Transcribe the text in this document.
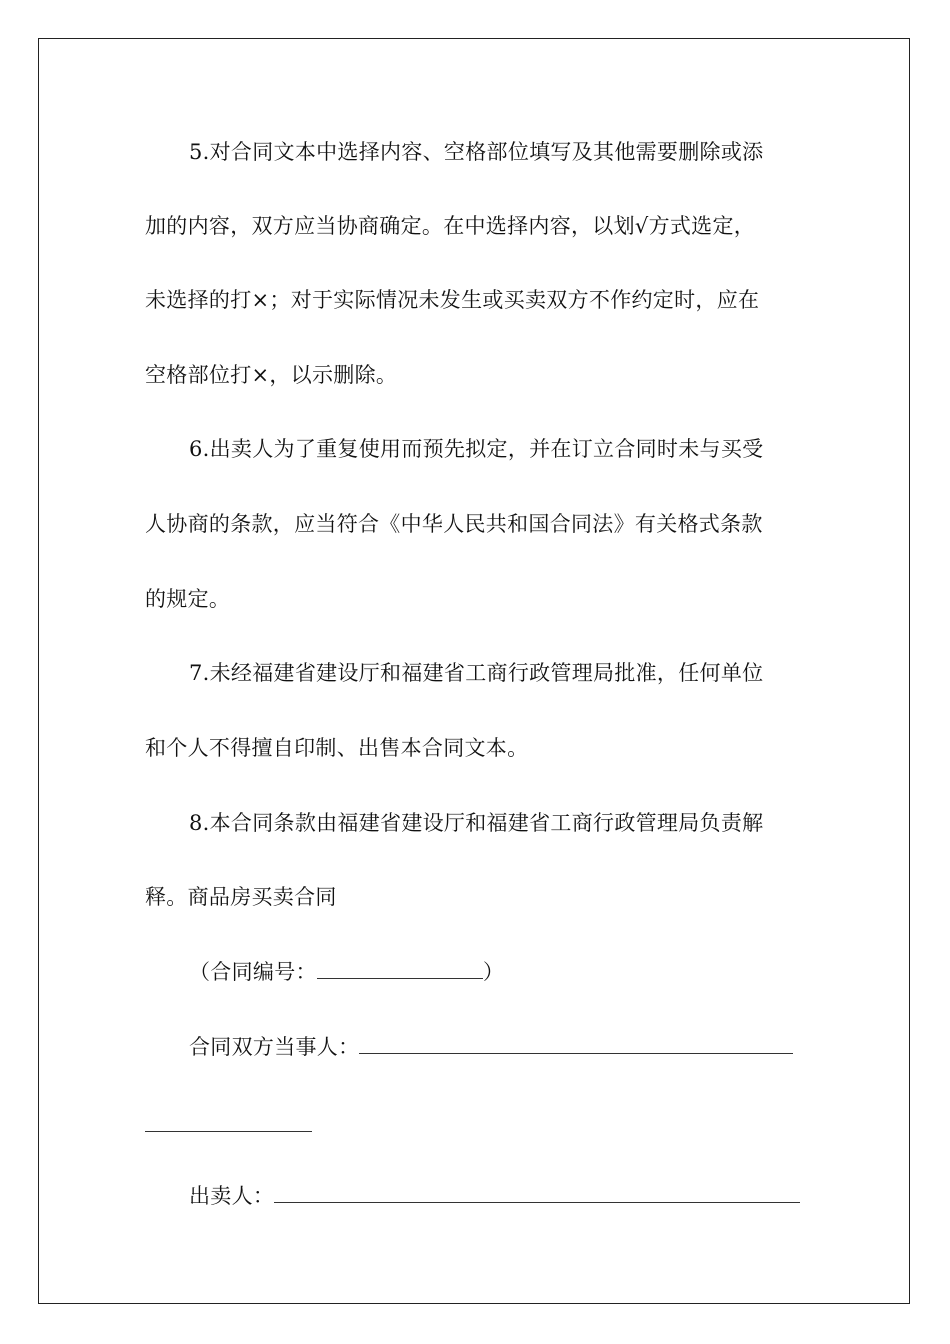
5.对合同文本中选择内容、空格部位填写及其他需要删除或添
加的内容，双方应当协商确定。在中选择内容，以划√方式选定，
未选择的打×；对于实际情况未发生或买卖双方不作约定时，应在
空格部位打×，以示删除。
6.出卖人为了重复使用而预先拟定，并在订立合同时未与买受
人协商的条款，应当符合《中华人民共和国合同法》有关格式条款
的规定。
7.未经福建省建设厅和福建省工商行政管理局批准，任何单位
和个人不得擅自印制、出售本合同文本。
8.本合同条款由福建省建设厅和福建省工商行政管理局负责解
释。商品房买卖合同
（合同编号：	）
合同双方当事人：
出卖人：
